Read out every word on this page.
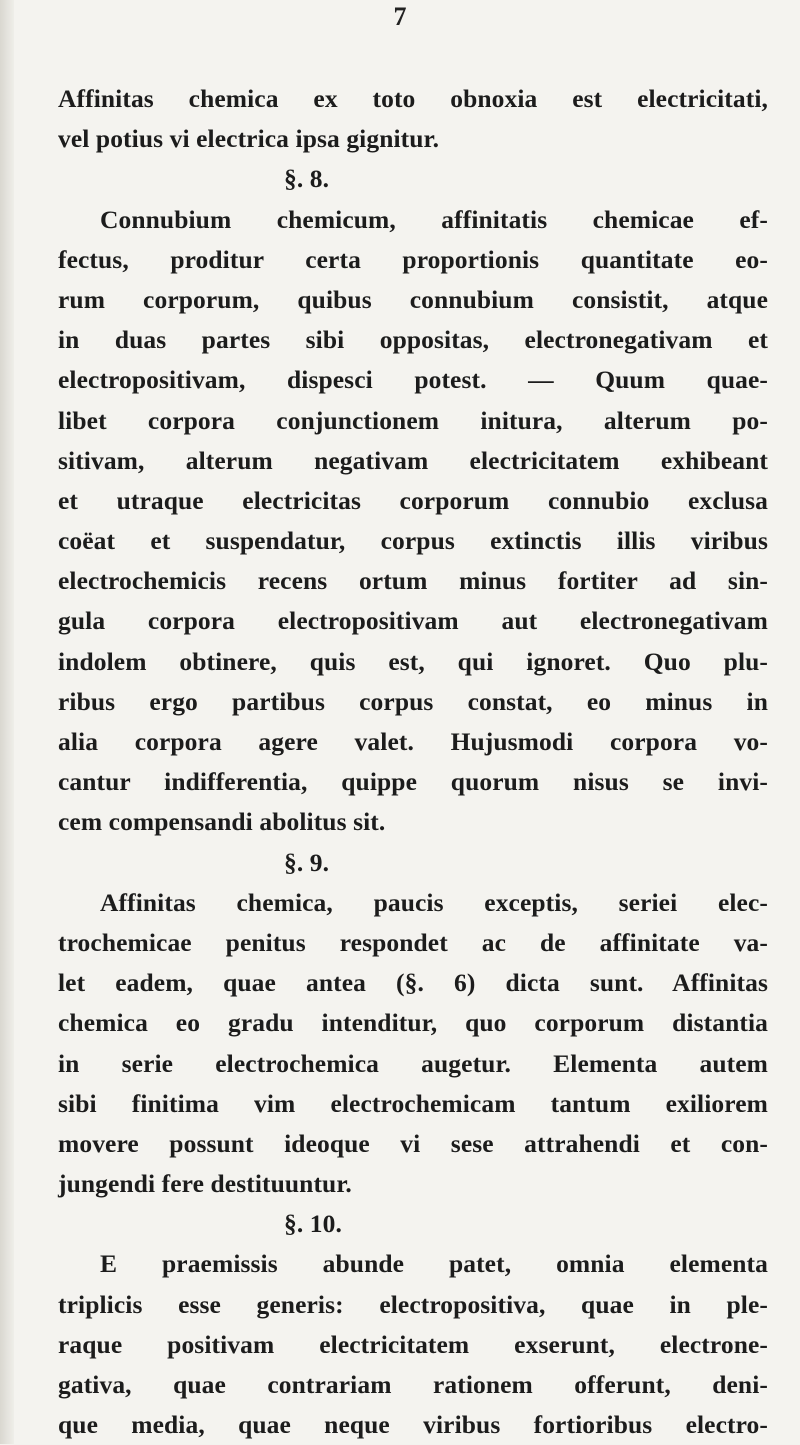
7
Affinitas chemica ex toto obnoxia est electricitati,
vel potius vi electrica ipsa gignitur.
§. 8.
Connubium chemicum, affinitatis chemicae ef-
fectus, proditur certa proportionis quantitate eo-
rum corporum, quibus connubium consistit, atque
in duas partes sibi oppositas, electronegativam et
electropositivam, dispesci potest. — Quum quae-
libet corpora conjunctionem initura, alterum po-
sitivam, alterum negativam electricitatem exhibeant
et utraque electricitas corporum connubio exclusa
coëat et suspendatur, corpus extinctis illis viribus
electrochemicis recens ortum minus fortiter ad sin-
gula corpora electropositivam aut electronegativam
indolem obtinere, quis est, qui ignoret. Quo plu-
ribus ergo partibus corpus constat, eo minus in
alia corpora agere valet. Hujusmodi corpora vo-
cantur indifferentia, quippe quorum nisus se invi-
cem compensandi abolitus sit.
§. 9.
Affinitas chemica, paucis exceptis, seriei elec-
trochemicae penitus respondet ac de affinitate va-
let eadem, quae antea (§. 6) dicta sunt. Affinitas
chemica eo gradu intenditur, quo corporum distantia
in serie electrochemica augetur. Elementa autem
sibi finitima vim electrochemicam tantum exiliorem
movere possunt ideoque vi sese attrahendi et con-
jungendi fere destituuntur.
§. 10.
E praemissis abunde patet, omnia elementa
triplicis esse generis: electropositiva, quae in ple-
raque positivam electricitatem exserunt, electrone-
gativa, quae contrariam rationem offerunt, deni-
que media, quae neque viribus fortioribus electro-
